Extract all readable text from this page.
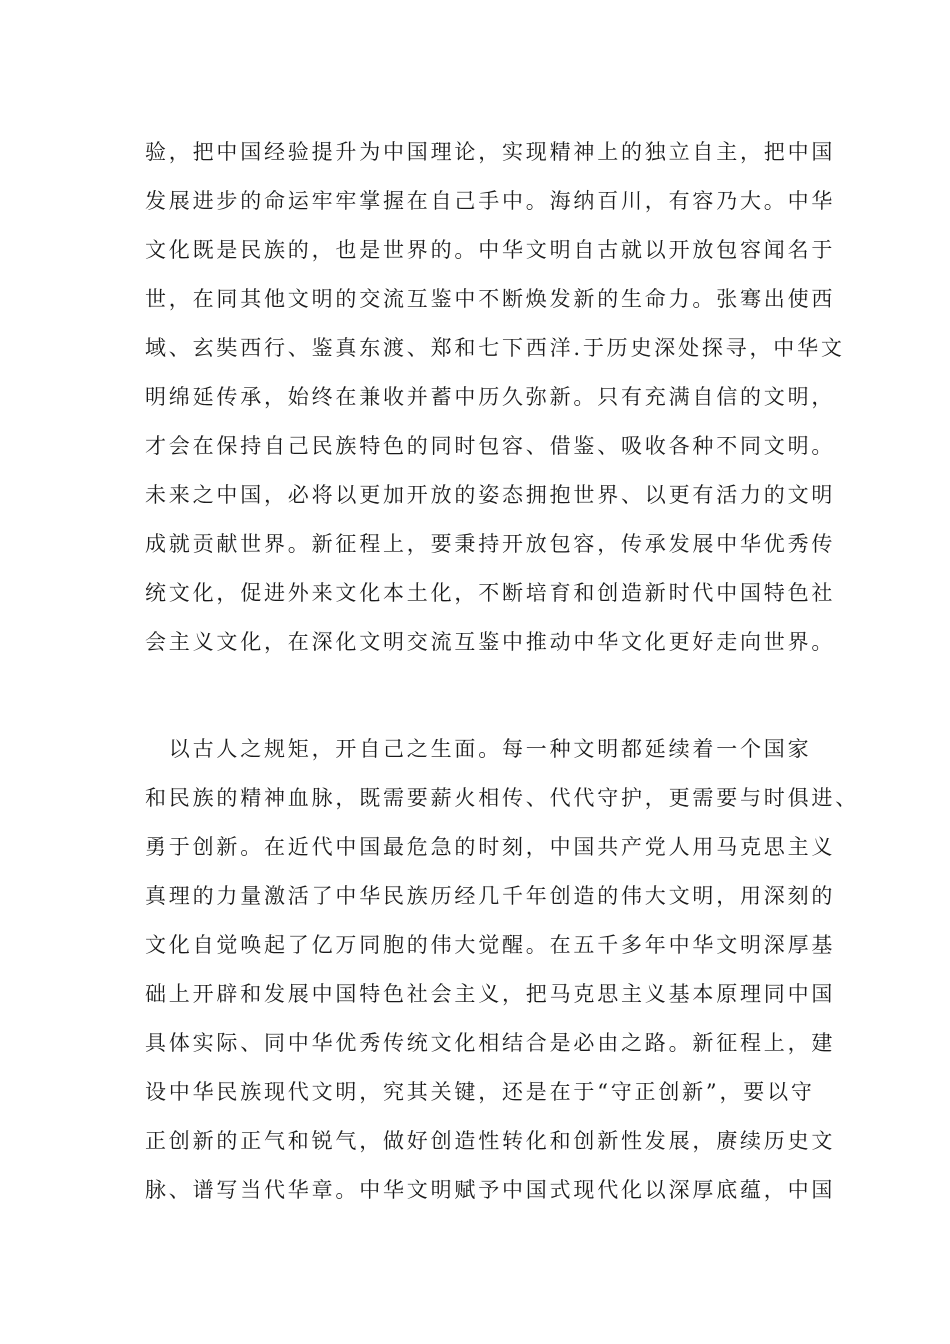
验，把中国经验提升为中国理论，实现精神上的独立自主，把中国
发展进步的命运牢牢掌握在自己手中。海纳百川，有容乃大。中华
文化既是民族的，也是世界的。中华文明自古就以开放包容闻名于
世，在同其他文明的交流互鉴中不断焕发新的生命力。张骞出使西
域、玄奘西行、鉴真东渡、郑和七下西洋.于历史深处探寻，中华文
明绵延传承，始终在兼收并蓄中历久弥新。只有充满自信的文明，
才会在保持自己民族特色的同时包容、借鉴、吸收各种不同文明。
未来之中国，必将以更加开放的姿态拥抱世界、以更有活力的文明
成就贡献世界。新征程上，要秉持开放包容，传承发展中华优秀传
统文化，促进外来文化本土化，不断培育和创造新时代中国特色社
会主义文化，在深化文明交流互鉴中推动中华文化更好走向世界。
　以古人之规矩，开自己之生面。每一种文明都延续着一个国家
和民族的精神血脉，既需要薪火相传、代代守护，更需要与时俱进、
勇于创新。在近代中国最危急的时刻，中国共产党人用马克思主义
真理的力量激活了中华民族历经几千年创造的伟大文明，用深刻的
文化自觉唤起了亿万同胞的伟大觉醒。在五千多年中华文明深厚基
础上开辟和发展中国特色社会主义，把马克思主义基本原理同中国
具体实际、同中华优秀传统文化相结合是必由之路。新征程上，建
设中华民族现代文明，究其关键，还是在于“守正创新”，要以守
正创新的正气和锐气，做好创造性转化和创新性发展，赓续历史文
脉、谱写当代华章。中华文明赋予中国式现代化以深厚底蕴，中国
